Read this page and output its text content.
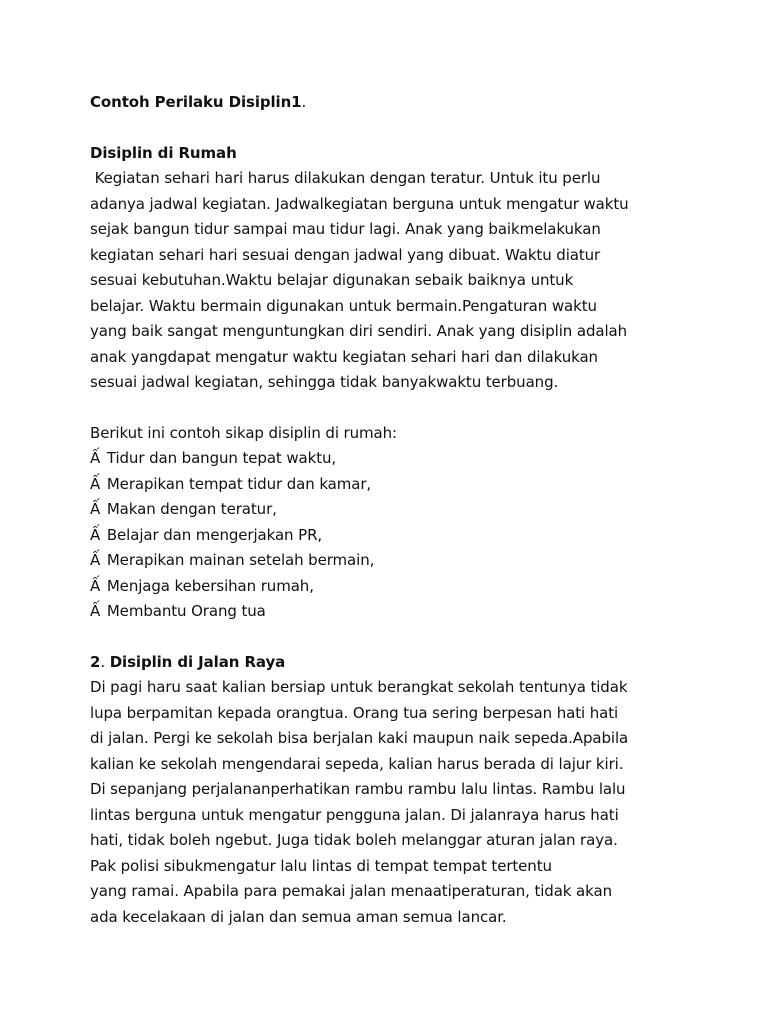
Contoh Perilaku Disiplin1.
Disiplin di Rumah
Kegiatan sehari hari harus dilakukan dengan teratur. Untuk itu perlu
adanya jadwal kegiatan. Jadwalkegiatan berguna untuk mengatur waktu
sejak bangun tidur sampai mau tidur lagi. Anak yang baikmelakukan
kegiatan sehari hari sesuai dengan jadwal yang dibuat. Waktu diatur
sesuai kebutuhan.Waktu belajar digunakan sebaik baiknya untuk
belajar. Waktu bermain digunakan untuk bermain.Pengaturan waktu
yang baik sangat menguntungkan diri sendiri. Anak yang disiplin adalah
anak yangdapat mengatur waktu kegiatan sehari hari dan dilakukan
sesuai jadwal kegiatan, sehingga tidak banyakwaktu terbuang.
Berikut ini contoh sikap disiplin di rumah:
Ấ Tidur dan bangun tepat waktu,
Ấ Merapikan tempat tidur dan kamar,
Ấ Makan dengan teratur,
Ấ Belajar dan mengerjakan PR,
Ấ Merapikan mainan setelah bermain,
Ấ Menjaga kebersihan rumah,
Ấ Membantu Orang tua
2. Disiplin di Jalan Raya
Di pagi haru saat kalian bersiap untuk berangkat sekolah tentunya tidak
lupa berpamitan kepada orangtua. Orang tua sering berpesan hati hati
di jalan. Pergi ke sekolah bisa berjalan kaki maupun naik sepeda.Apabila
kalian ke sekolah mengendarai sepeda, kalian harus berada di lajur kiri.
Di sepanjang perjalananperhatikan rambu rambu lalu lintas. Rambu lalu
lintas berguna untuk mengatur pengguna jalan. Di jalanraya harus hati
hati, tidak boleh ngebut. Juga tidak boleh melanggar aturan jalan raya.
Pak polisi sibukmengatur lalu lintas di tempat tempat tertentu
yang ramai. Apabila para pemakai jalan menaatiperaturan, tidak akan
ada kecelakaan di jalan dan semua aman semua lancar.
